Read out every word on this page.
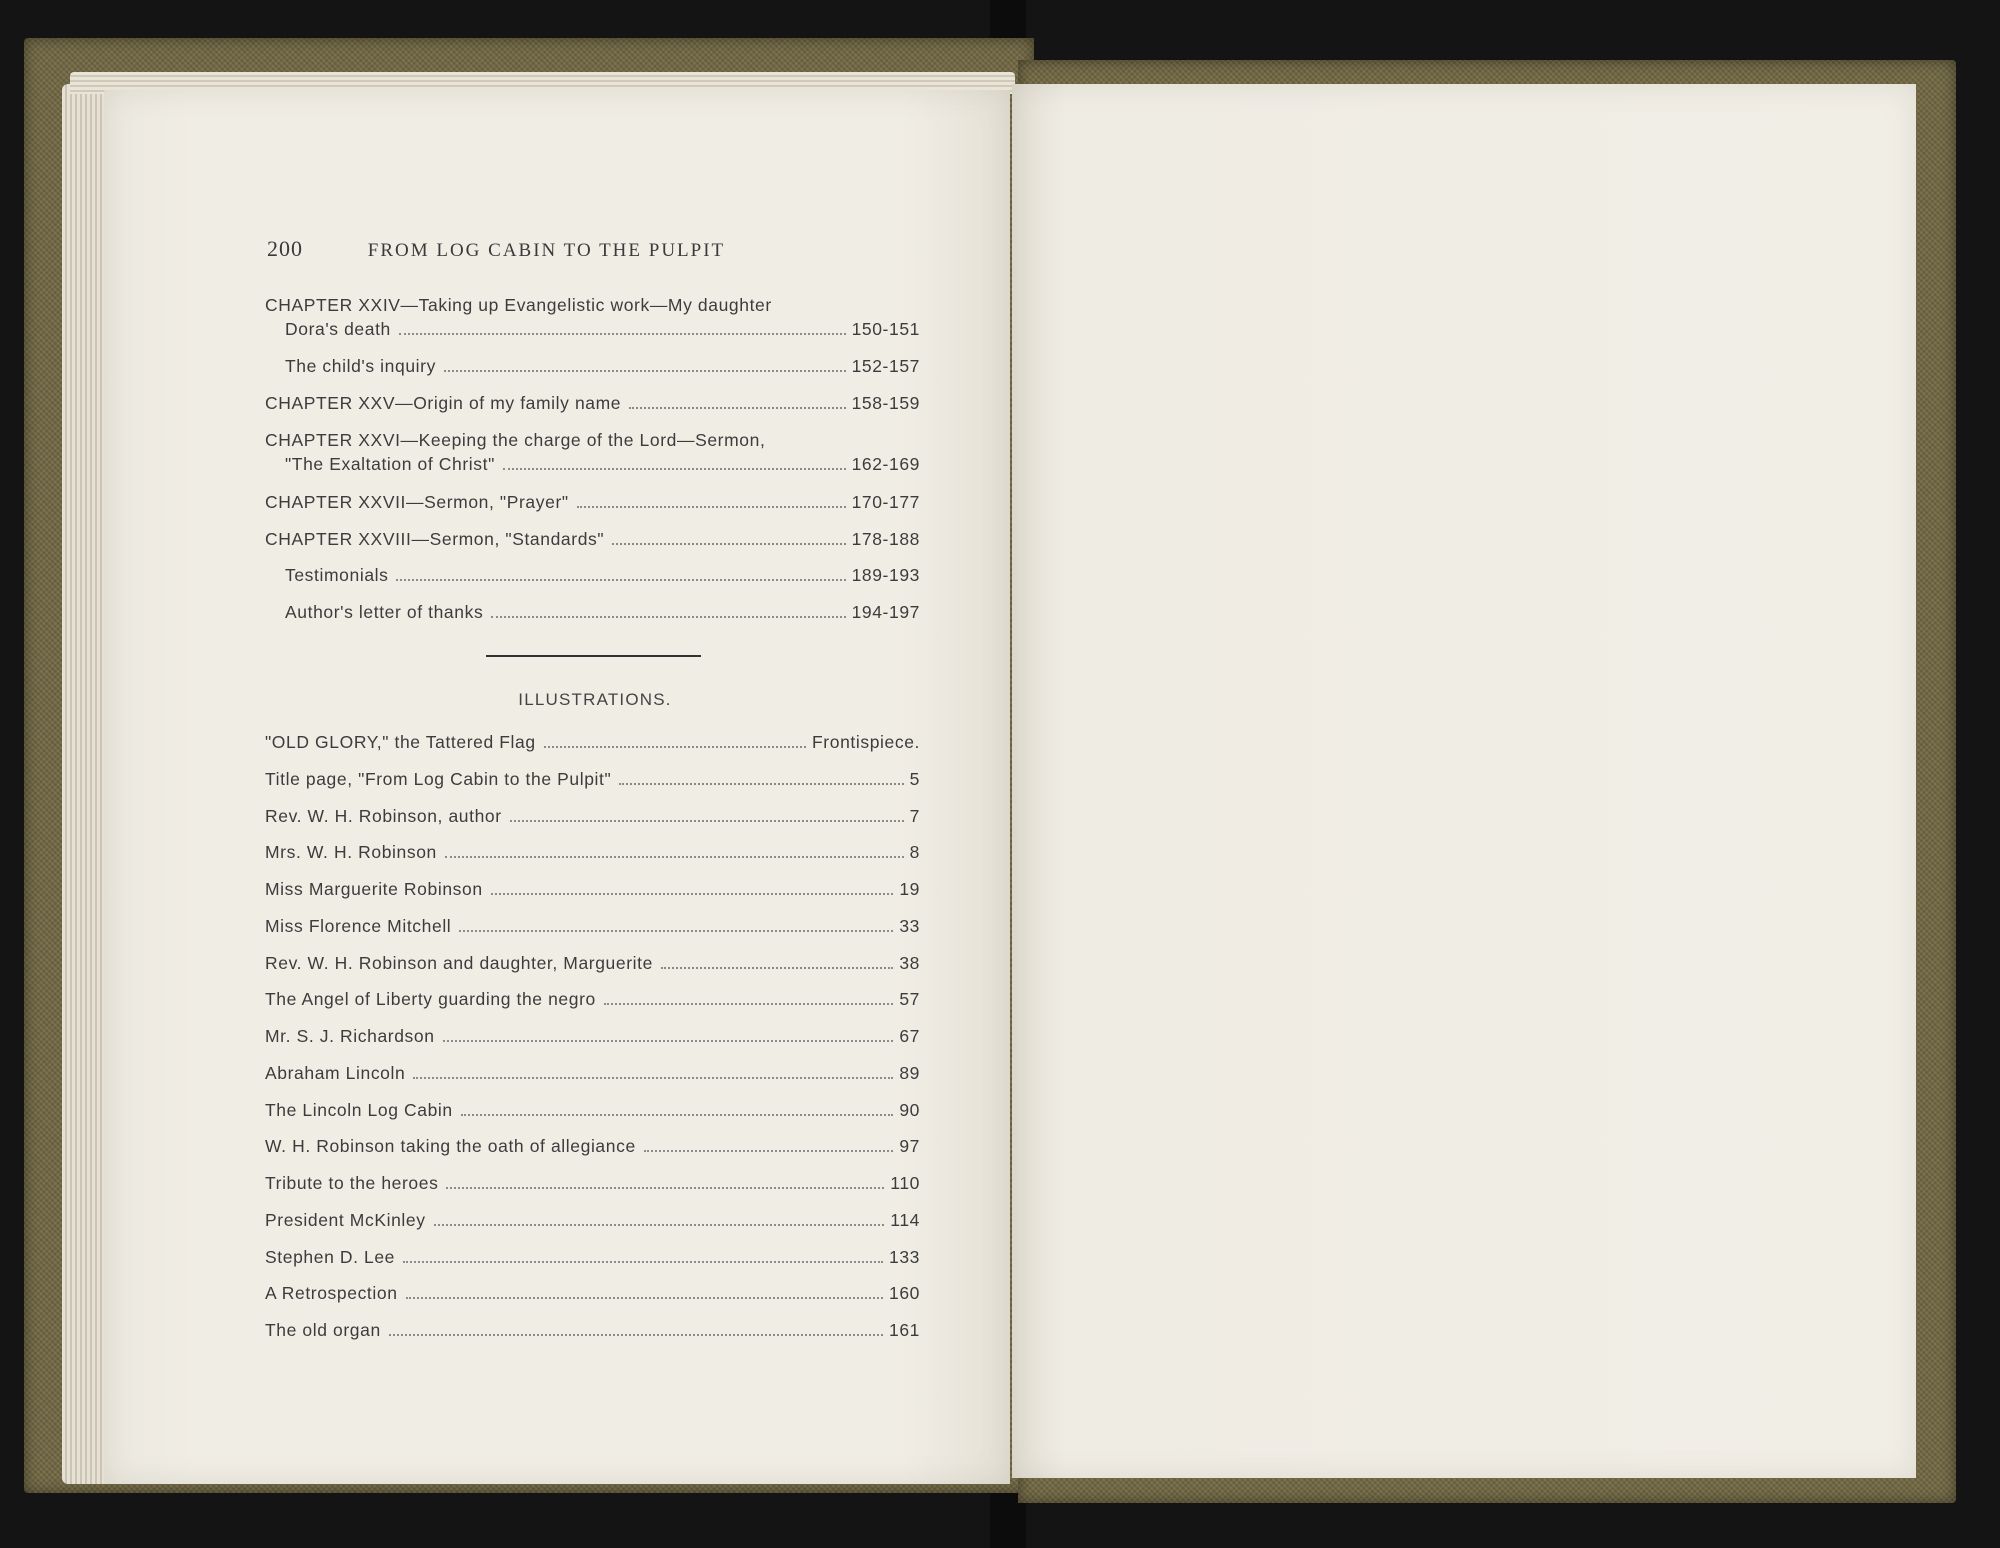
200	FROM LOG CABIN TO THE PULPIT
CHAPTER XXIV—Taking up Evangelistic work—My daughter
Dora's death	150-151
The child's inquiry	152-157
CHAPTER XXV—Origin of my family name	158-159
CHAPTER XXVI—Keeping the charge of the Lord—Sermon,
"The Exaltation of Christ"	162-169
CHAPTER XXVII—Sermon, "Prayer"	170-177
CHAPTER XXVIII—Sermon, "Standards"	178-188
Testimonials	189-193
Author's letter of thanks	194-197
ILLUSTRATIONS.
"OLD GLORY," the Tattered Flag	Frontispiece.
Title page, "From Log Cabin to the Pulpit"	5
Rev. W. H. Robinson, author	7
Mrs. W. H. Robinson	8
Miss Marguerite Robinson	19
Miss Florence Mitchell	33
Rev. W. H. Robinson and daughter, Marguerite	38
The Angel of Liberty guarding the negro	57
Mr. S. J. Richardson	67
Abraham Lincoln	89
The Lincoln Log Cabin	90
W. H. Robinson taking the oath of allegiance	97
Tribute to the heroes	110
President McKinley	114
Stephen D. Lee	133
A Retrospection	160
The old organ	161
